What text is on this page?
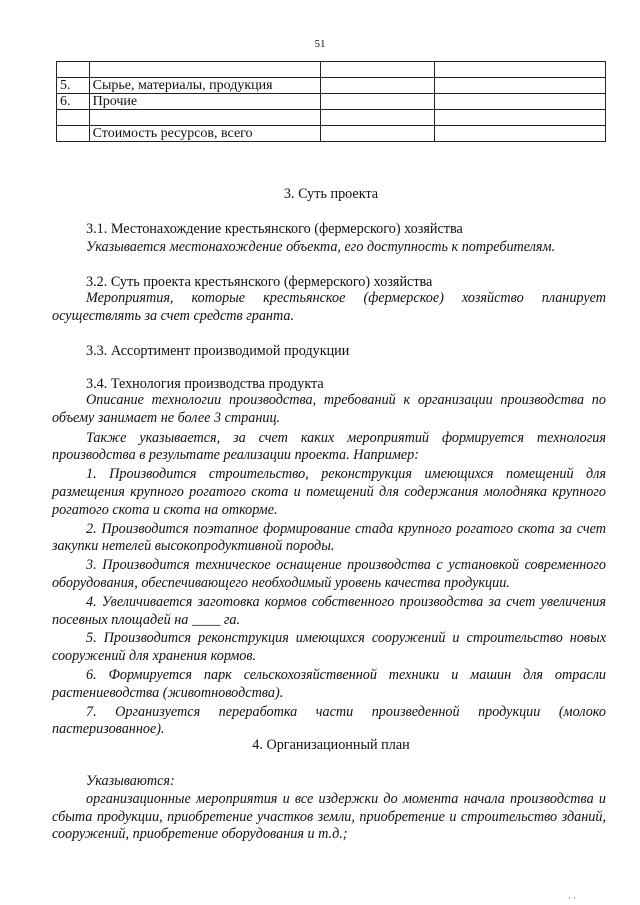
51

5.	Сырье, материалы, продукция		
6.	Прочие		

	Стоимость ресурсов, всего		
3. Суть проекта
3.1. Местонахождение крестьянского (фермерского) хозяйства
Указывается местонахождение объекта, его доступность к потребителям.
3.2. Суть проекта крестьянского (фермерского) хозяйства
Мероприятия, которые крестьянское (фермерское) хозяйство планирует осуществлять за счет средств гранта.
3.3. Ассортимент производимой продукции
3.4. Технология производства продукта

Описание технологии производства, требований к организации производства по объему занимает не более 3 страниц.

Также указывается, за счет каких мероприятий формируется технология производства в результате реализации проекта. Например:

1. Производится строительство, реконструкция имеющихся помещений для размещения крупного рогатого скота и помещений для содержания молодняка крупного рогатого скота и скота на откорме.

2. Производится поэтапное формирование стада крупного рогатого скота за счет закупки нетелей высокопродуктивной породы.

3. Производится техническое оснащение производства с установкой современного оборудования, обеспечивающего необходимый уровень качества продукции.

4. Увеличивается заготовка кормов собственного производства за счет увеличения посевных площадей на ____ га.

5. Производится реконструкция имеющихся сооружений и строительство новых сооружений для хранения кормов.

6. Формируется парк сельскохозяйственной техники и машин для отрасли растениеводства (животноводства).

7. Организуется переработка части произведенной продукции (молоко пастеризованное).

4. Организационный план

Указываются:

организационные мероприятия и все издержки до момента начала производства и сбыта продукции, приобретение участков земли, приобретение и строительство зданий, сооружений, приобретение оборудования и т.д.;

· ·
